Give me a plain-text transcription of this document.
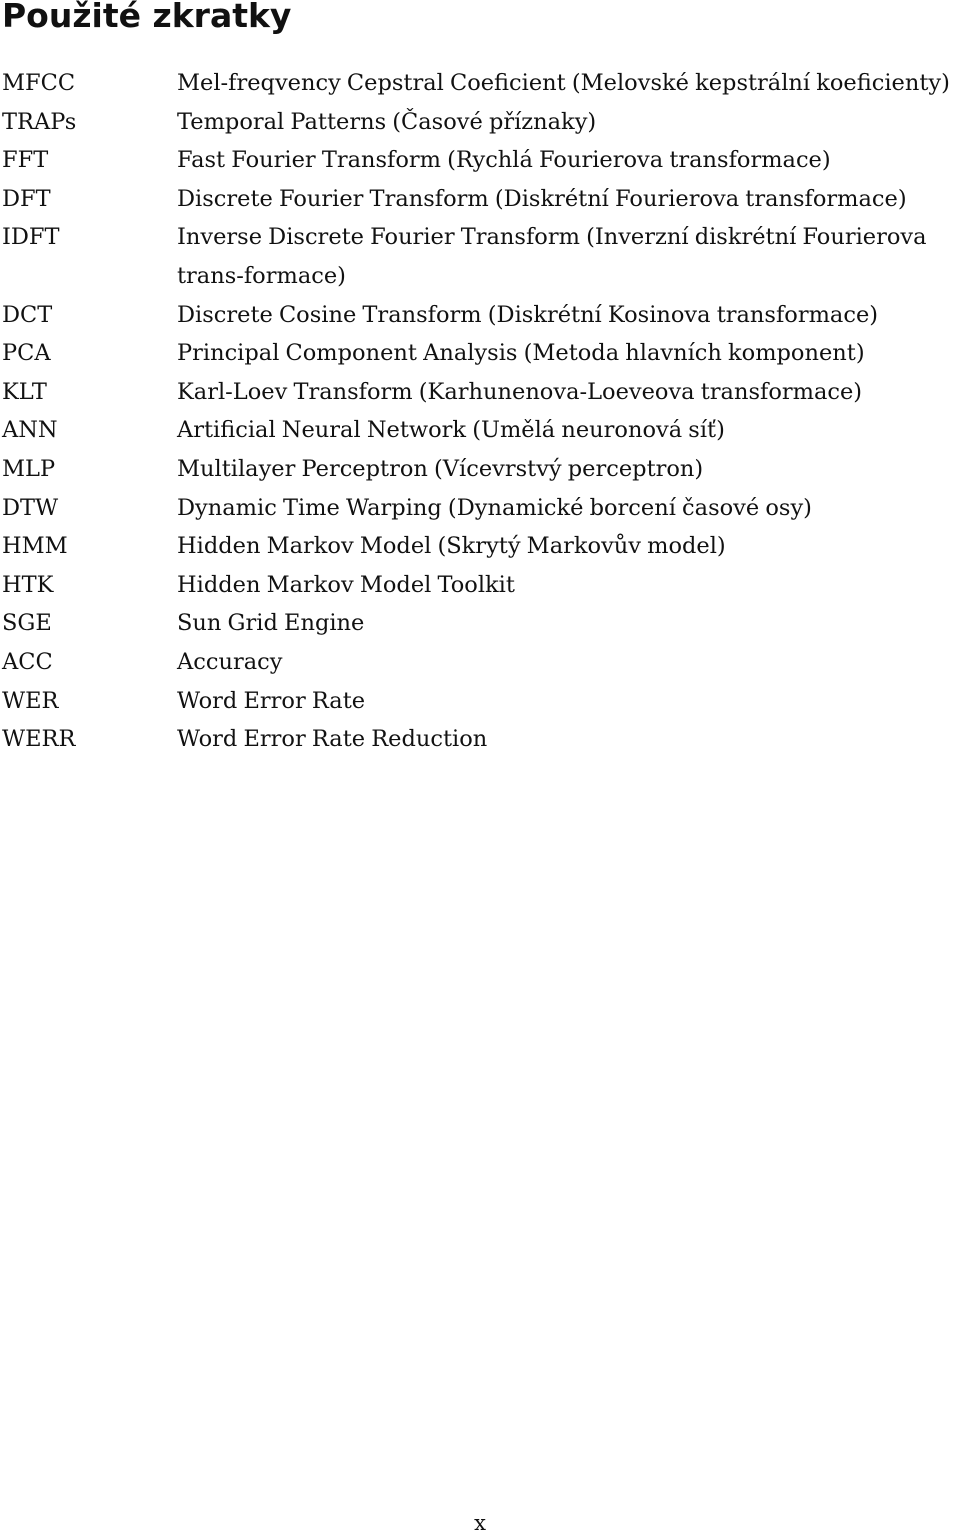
Použité zkratky
MFCC	Mel-freqvency Cepstral Coeficient (Melovské kepstrální koeficienty)
TRAPs	Temporal Patterns (Časové příznaky)
FFT	Fast Fourier Transform (Rychlá Fourierova transformace)
DFT	Discrete Fourier Transform (Diskrétní Fourierova transformace)
IDFT	Inverse Discrete Fourier Transform (Inverzní diskrétní Fourierova trans-formace)
DCT	Discrete Cosine Transform (Diskrétní Kosinova transformace)
PCA	Principal Component Analysis (Metoda hlavních komponent)
KLT	Karl-Loev Transform (Karhunenova-Loeveova transformace)
ANN	Artificial Neural Network (Umělá neuronová síť)
MLP	Multilayer Perceptron (Vícevrstvý perceptron)
DTW	Dynamic Time Warping (Dynamické borcení časové osy)
HMM	Hidden Markov Model (Skrytý Markovův model)
HTK	Hidden Markov Model Toolkit
SGE	Sun Grid Engine
ACC	Accuracy
WER	Word Error Rate
WERR	Word Error Rate Reduction
x
